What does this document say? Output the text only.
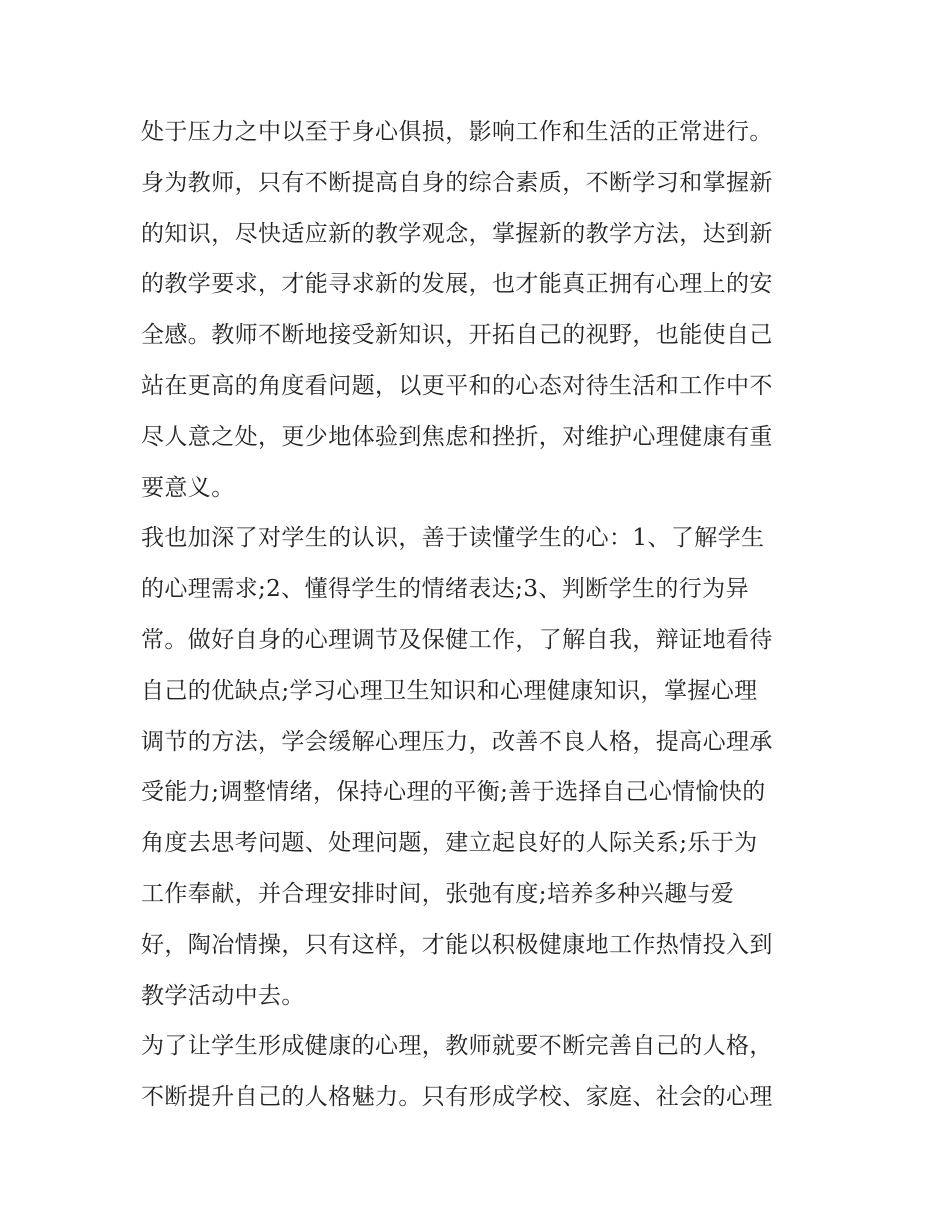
处于压力之中以至于身心俱损，影响工作和生活的正常进行。
身为教师，只有不断提高自身的综合素质，不断学习和掌握新
的知识，尽快适应新的教学观念，掌握新的教学方法，达到新
的教学要求，才能寻求新的发展，也才能真正拥有心理上的安
全感。教师不断地接受新知识，开拓自己的视野，也能使自己
站在更高的角度看问题，以更平和的心态对待生活和工作中不
尽人意之处，更少地体验到焦虑和挫折，对维护心理健康有重
要意义。
我也加深了对学生的认识，善于读懂学生的心：1、了解学生
的心理需求;2、懂得学生的情绪表达;3、判断学生的行为异
常。做好自身的心理调节及保健工作，了解自我，辩证地看待
自己的优缺点;学习心理卫生知识和心理健康知识，掌握心理
调节的方法，学会缓解心理压力，改善不良人格，提高心理承
受能力;调整情绪，保持心理的平衡;善于选择自己心情愉快的
角度去思考问题、处理问题，建立起良好的人际关系;乐于为
工作奉献，并合理安排时间，张弛有度;培养多种兴趣与爱
好，陶冶情操，只有这样，才能以积极健康地工作热情投入到
教学活动中去。
为了让学生形成健康的心理，教师就要不断完善自己的人格，
不断提升自己的人格魅力。只有形成学校、家庭、社会的心理
